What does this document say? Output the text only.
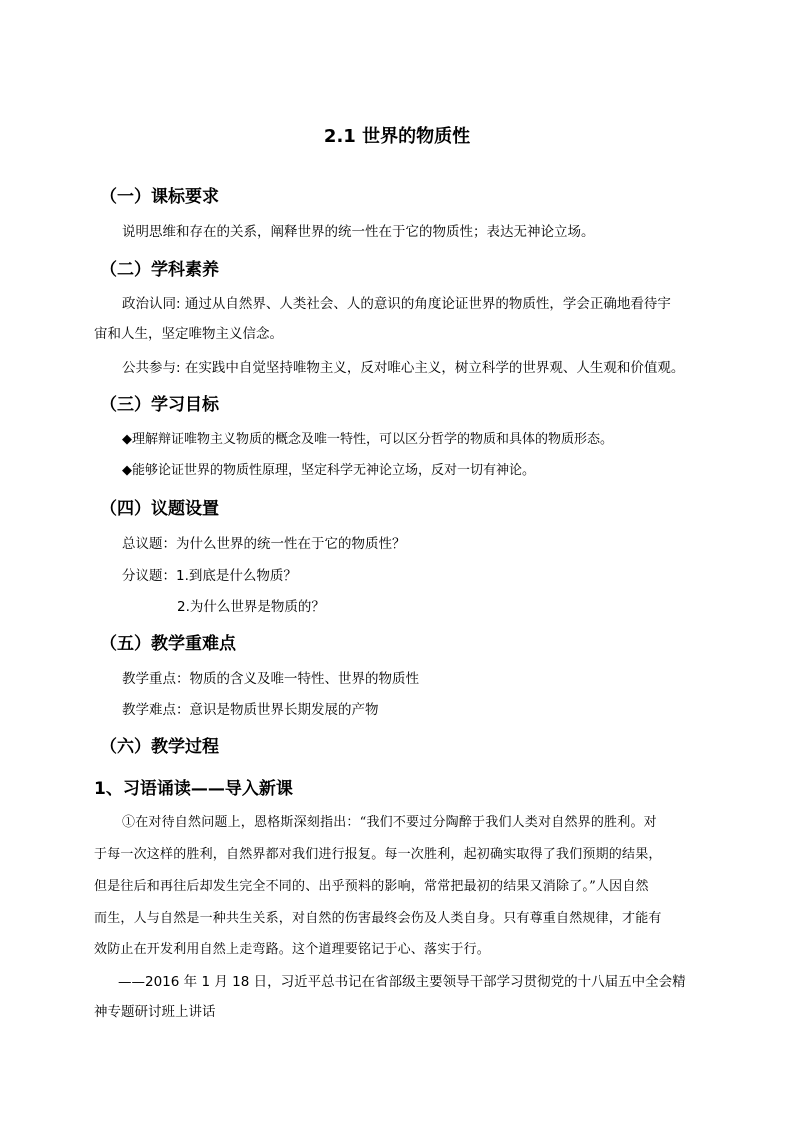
2.1 世界的物质性
（一）课标要求
说明思维和存在的关系，阐释世界的统一性在于它的物质性；表达无神论立场。
（二）学科素养
政治认同: 通过从自然界、人类社会、人的意识的角度论证世界的物质性，学会正确地看待宇
宙和人生，坚定唯物主义信念。
公共参与: 在实践中自觉坚持唯物主义，反对唯心主义，树立科学的世界观、人生观和价值观。
（三）学习目标
◆理解辩证唯物主义物质的概念及唯一特性，可以区分哲学的物质和具体的物质形态。
◆能够论证世界的物质性原理，坚定科学无神论立场，反对一切有神论。
（四）议题设置
总议题：为什么世界的统一性在于它的物质性？
分议题：1.到底是什么物质？
2.为什么世界是物质的？
（五）教学重难点
教学重点：物质的含义及唯一特性、世界的物质性
教学难点：意识是物质世界长期发展的产物
（六）教学过程
1、习语诵读——导入新课
①在对待自然问题上，恩格斯深刻指出：“我们不要过分陶醉于我们人类对自然界的胜利。对
于每一次这样的胜利，自然界都对我们进行报复。每一次胜利，起初确实取得了我们预期的结果，
但是往后和再往后却发生完全不同的、出乎预料的影响，常常把最初的结果又消除了。”人因自然
而生，人与自然是一种共生关系，对自然的伤害最终会伤及人类自身。只有尊重自然规律，才能有
效防止在开发利用自然上走弯路。这个道理要铭记于心、落实于行。
——2016 年 1 月 18 日，习近平总书记在省部级主要领导干部学习贯彻党的十八届五中全会精
神专题研讨班上讲话
